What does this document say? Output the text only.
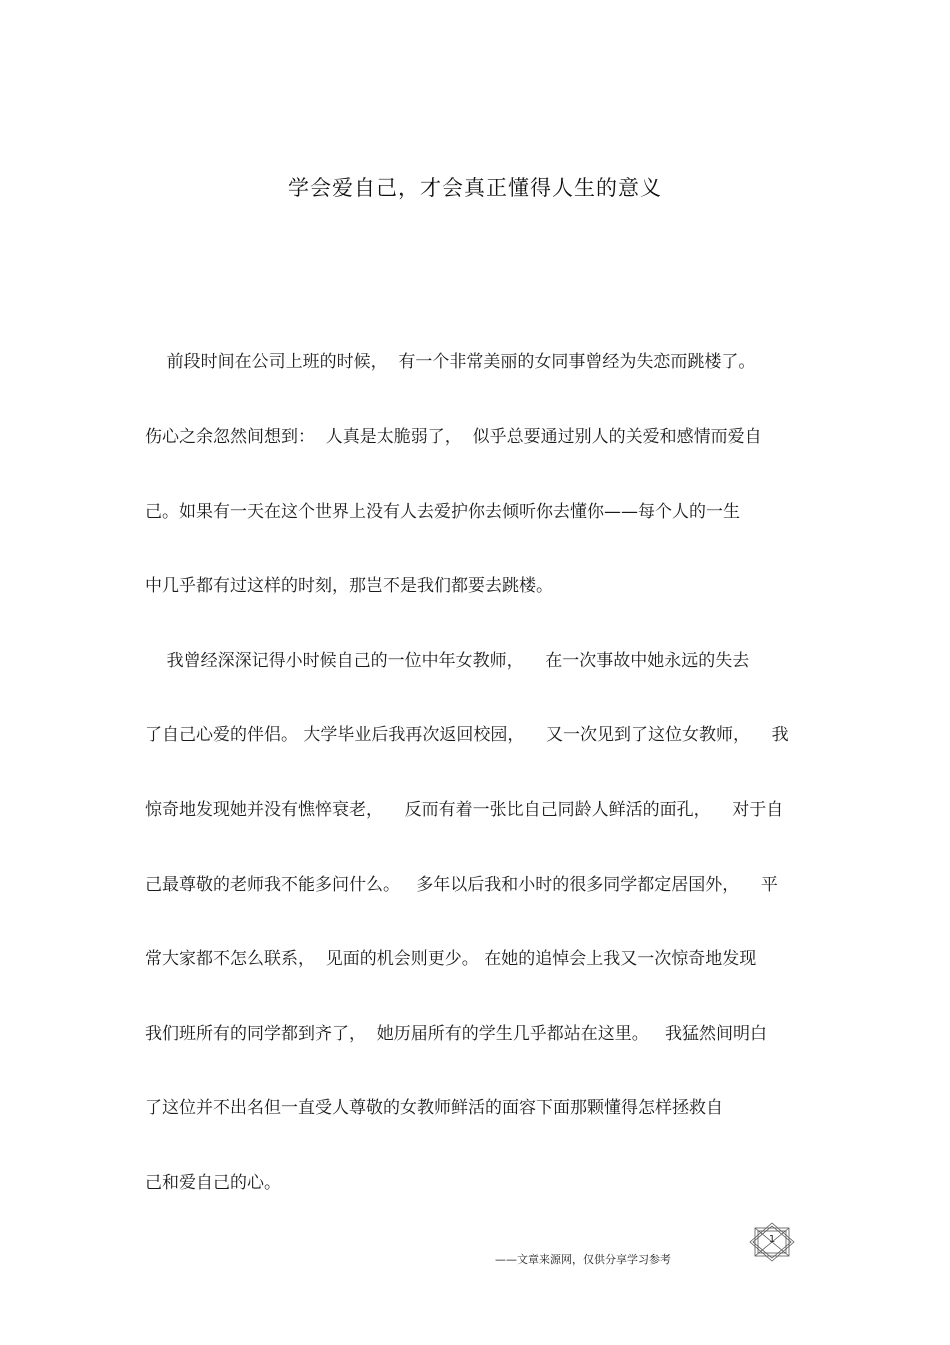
学会爱自己，才会真正懂得人生的意义
前段时间在公司上班的时候，  有一个非常美丽的女同事曾经为失恋而跳楼了。
伤心之余忽然间想到：  人真是太脆弱了，  似乎总要通过别人的关爱和感情而爱自
己。如果有一天在这个世界上没有人去爱护你去倾听你去懂你——每个人的一生
中几乎都有过这样的时刻，那岂不是我们都要去跳楼。
我曾经深深记得小时候自己的一位中年女教师，    在一次事故中她永远的失去
了自己心爱的伴侣。 大学毕业后我再次返回校园，    又一次见到了这位女教师，    我
惊奇地发现她并没有憔悴衰老，    反而有着一张比自己同龄人鲜活的面孔，    对于自
己最尊敬的老师我不能多问什么。   多年以后我和小时的很多同学都定居国外，    平
常大家都不怎么联系，  见面的机会则更少。 在她的追悼会上我又一次惊奇地发现
我们班所有的同学都到齐了，  她历届所有的学生几乎都站在这里。   我猛然间明白
了这位并不出名但一直受人尊敬的女教师鲜活的面容下面那颗懂得怎样拯救自
己和爱自己的心。
——文章来源网，仅供分享学习参考
1
